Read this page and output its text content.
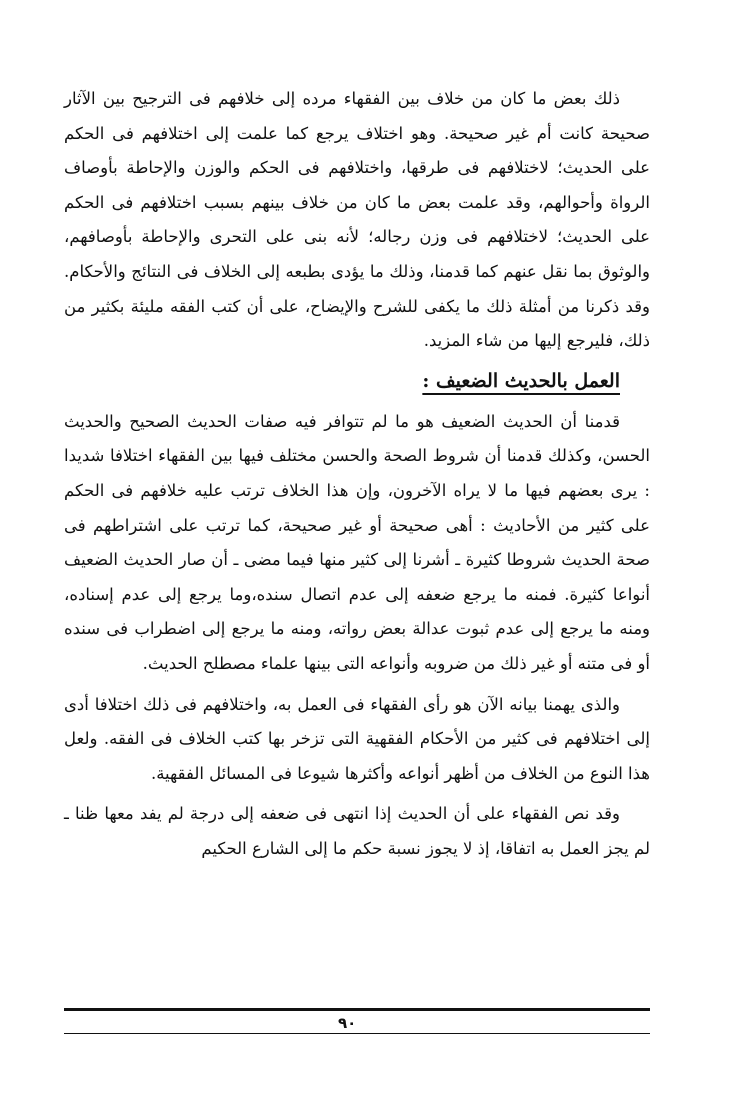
ذلك بعض ما كان من خلاف بين الفقهاء مرده إلى خلافهم فى الترجيح بين الآثار صحيحة كانت أم غير صحيحة. وهو اختلاف يرجع كما علمت إلى اختلافهم فى الحكم على الحديث؛ لاختلافهم فى طرقها، واختلافهم فى الحكم والوزن والإحاطة بأوصاف الرواة وأحوالهم، وقد علمت بعض ما كان من خلاف بينهم بسبب اختلافهم فى الحكم على الحديث؛ لاختلافهم فى وزن رجاله؛ لأنه بنى على التحرى والإحاطة بأوصافهم، والوثوق بما نقل عنهم كما قدمنا، وذلك ما يؤدى بطبعه إلى الخلاف فى النتائج والأحكام. وقد ذكرنا من أمثلة ذلك ما يكفى للشرح والإيضاح، على أن كتب الفقه مليئة بكثير من ذلك، فليرجع إليها من شاء المزيد.

العمل بالحديث الضعيف :

قدمنا أن الحديث الضعيف هو ما لم تتوافر فيه صفات الحديث الصحيح والحديث الحسن، وكذلك قدمنا أن شروط الصحة والحسن مختلف فيها بين الفقهاء اختلافا شديدا : يرى بعضهم فيها ما لا يراه الآخرون، وإن هذا الخلاف ترتب عليه خلافهم فى الحكم على كثير من الأحاديث : أهى صحيحة أو غير صحيحة، كما ترتب على اشتراطهم فى صحة الحديث شروطا كثيرة ـ أشرنا إلى كثير منها فيما مضى ـ أن صار الحديث الضعيف أنواعا كثيرة. فمنه ما يرجع ضعفه إلى عدم اتصال سنده،وما يرجع إلى عدم إسناده، ومنه ما يرجع إلى عدم ثبوت عدالة بعض رواته، ومنه ما يرجع إلى اضطراب فى سنده أو فى متنه أو غير ذلك من ضروبه وأنواعه التى بينها علماء مصطلح الحديث.

والذى يهمنا بيانه الآن هو رأى الفقهاء فى العمل به، واختلافهم فى ذلك اختلافا أدى إلى اختلافهم فى كثير من الأحكام الفقهية التى تزخر بها كتب الخلاف فى الفقه. ولعل هذا النوع من الخلاف من أظهر أنواعه وأكثرها شيوعا فى المسائل الفقهية.

وقد نص الفقهاء على أن الحديث إذا انتهى فى ضعفه إلى درجة لم يفد معها ظنا ـ لم يجز العمل به اتفاقا، إذ لا يجوز نسبة حكم ما إلى الشارع الحكيم

٩٠
